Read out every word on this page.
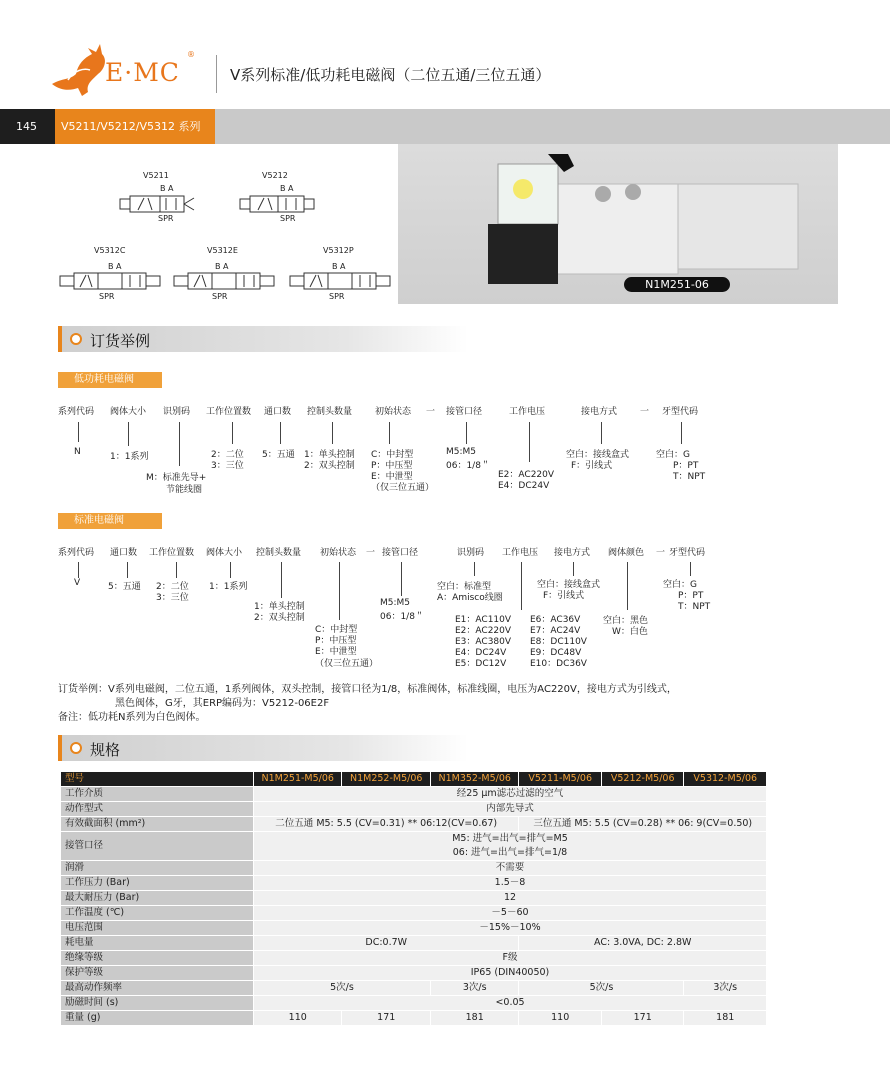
E·MC
®
V系列标准/低功耗电磁阀（二位五通/三位五通）
145	V5211/V5212/V5312 系列
V5211	V5212
V5312C	V5312E	V5312P
B A	B A
B A	B A	B A
SPR	SPR
SPR	SPR	SPR
N1M251-06
订货举例
低功耗电磁阀
系列代码 阀体大小 识别码 工作位置数 通口数 控制头数量	初始状态 一 接管口径	工作电压	接电方式	一 牙型代码
N	1：1系列
M：标准先导+
节能线圈
2：二位
3：三位
5：五通 1：单头控制
2：双头控制
C：中封型
P：中压型
E：中泄型
（仅三位五通）
M5:M5
06：1/8＂
E2：AC220V
E4：DC24V
空白：接线盒式
F：引线式
空白：G
P：PT
T：NPT
标准电磁阀
系列代码 通口数 工作位置数 阀体大小 控制头数量 初始状态 一 接管口径	识别码 工作电压 接电方式 阀体颜色 一 牙型代码
V	5：五通 2：二位
3：三位
1：1系列
1：单头控制
2：双头控制
C：中封型
P：中压型
E：中泄型
（仅三位五通）
M5:M5
06：1/8＂
空白：标准型
A：Amisco线圈
E1：AC110V
E2：AC220V
E3：AC380V
E4：DC24V
E5：DC12V
E6：AC36V
E7：AC24V
E8：DC110V
E9：DC48V
E10：DC36V
空白：接线盒式
F：引线式
空白：黑色
W：白色
空白：G
P：PT
T：NPT
订货举例：V系列电磁阀，二位五通，1系列阀体，双头控制，接管口径为1/8，标准阀体，标准线圈，电压为AC220V，接电方式为引线式，
黑色阀体，G牙，其ERP编码为：V5212-06E2F
备注：低功耗N系列为白色阀体。
规格
型号	N1M251-M5/06	N1M252-M5/06	N1M352-M5/06	V5211-M5/06	V5212-M5/06	V5312-M5/06
工作介质	经25 μm滤芯过滤的空气					
动作型式	内部先导式					
有效截面积 (mm²)	二位五通 M5: 5.5 (CV=0.31) ** 06:12(CV=0.67)			三位五通 M5: 5.5 (CV=0.28) ** 06: 9(CV=0.50)		
接管口径	M5: 进气=出气=排气=M5
06: 进气=出气=排气=1/8					

润滑	不需要					
工作压力 (Bar)	1.5－8					
最大耐压力 (Bar)	12					
工作温度 (℃)	－5－60					
电压范围	－15%－10%					
耗电量	DC:0.7W			AC: 3.0VA, DC: 2.8W		
绝缘等级	F级					
保护等级	IP65 (DIN40050)					
最高动作频率	5次/s		3次/s	5次/s		3次/s
励磁时间 (s)	<0.05					
重量 (g)	110	171	181	110	171	181
